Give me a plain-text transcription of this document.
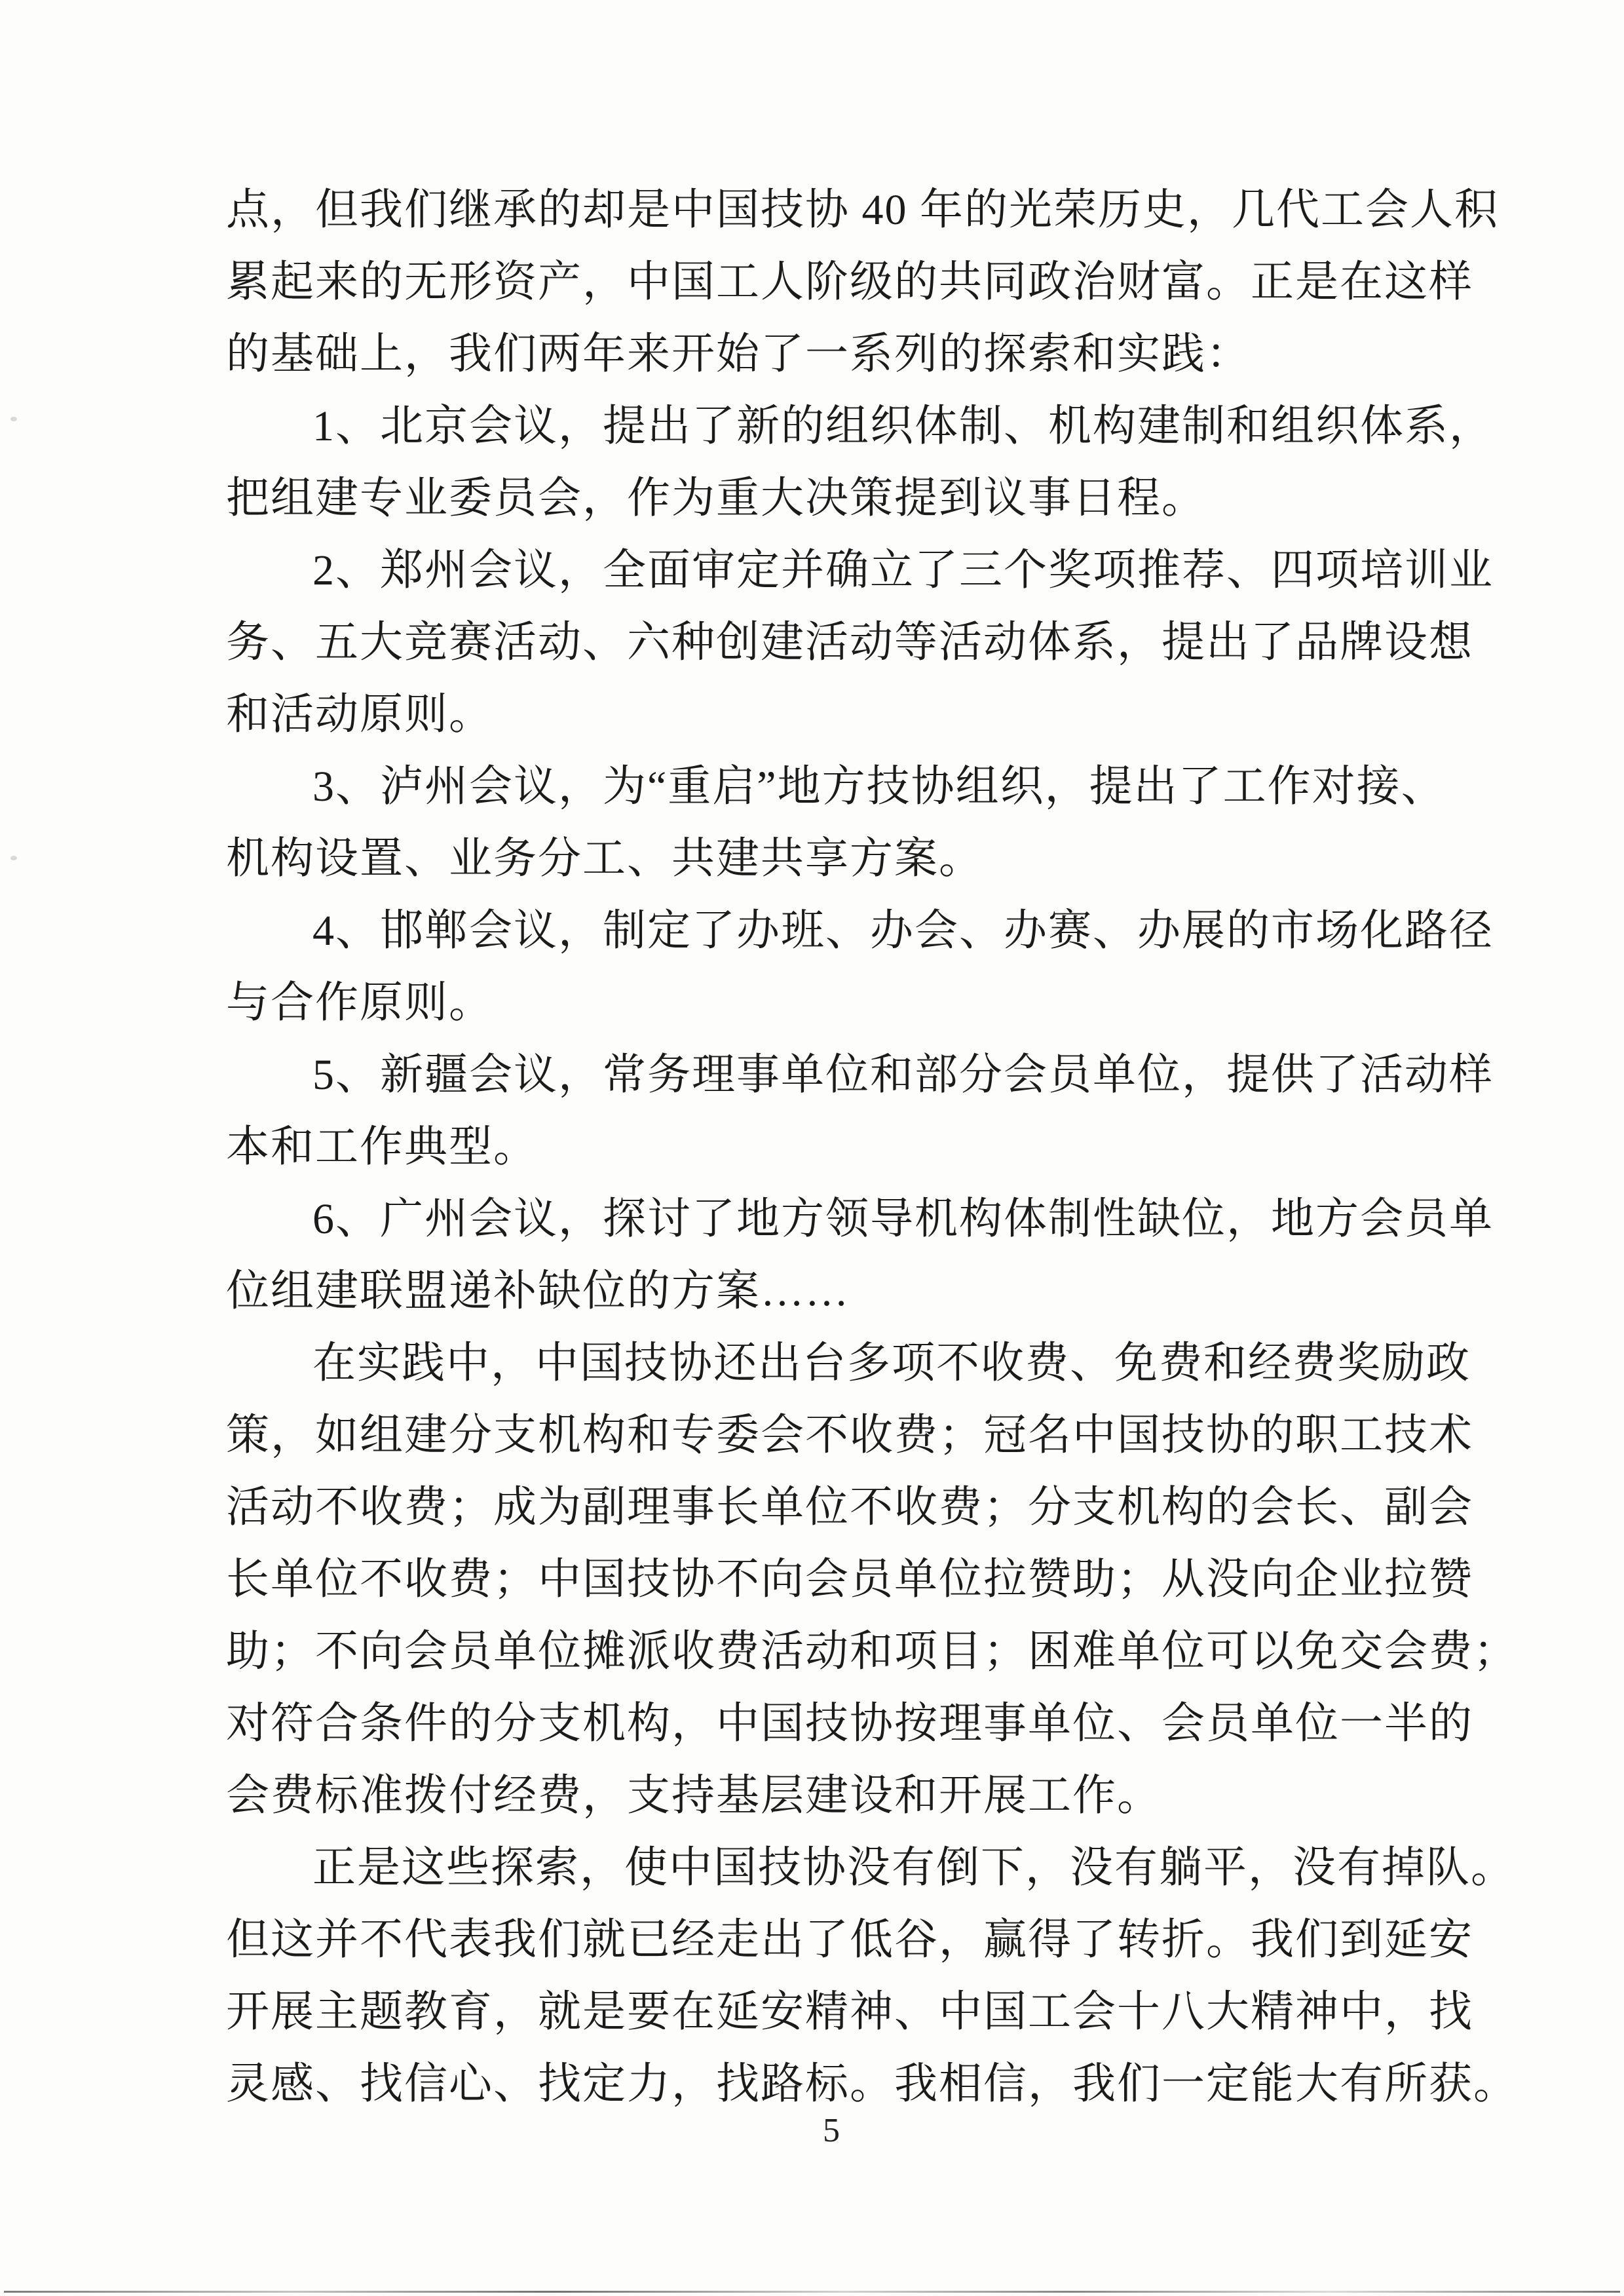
点，但我们继承的却是中国技协 40 年的光荣历史，几代工会人积

累起来的无形资产，中国工人阶级的共同政治财富。正是在这样

的基础上，我们两年来开始了一系列的探索和实践：

1、北京会议，提出了新的组织体制、机构建制和组织体系，

把组建专业委员会，作为重大决策提到议事日程。

2、郑州会议，全面审定并确立了三个奖项推荐、四项培训业

务、五大竞赛活动、六种创建活动等活动体系，提出了品牌设想

和活动原则。

3、泸州会议，为“重启”地方技协组织，提出了工作对接、

机构设置、业务分工、共建共享方案。

4、邯郸会议，制定了办班、办会、办赛、办展的市场化路径

与合作原则。

5、新疆会议，常务理事单位和部分会员单位，提供了活动样

本和工作典型。

6、广州会议，探讨了地方领导机构体制性缺位，地方会员单

位组建联盟递补缺位的方案……

在实践中，中国技协还出台多项不收费、免费和经费奖励政

策，如组建分支机构和专委会不收费；冠名中国技协的职工技术

活动不收费；成为副理事长单位不收费；分支机构的会长、副会

长单位不收费；中国技协不向会员单位拉赞助；从没向企业拉赞

助；不向会员单位摊派收费活动和项目；困难单位可以免交会费；

对符合条件的分支机构，中国技协按理事单位、会员单位一半的

会费标准拨付经费，支持基层建设和开展工作。

正是这些探索，使中国技协没有倒下，没有躺平，没有掉队。

但这并不代表我们就已经走出了低谷，赢得了转折。我们到延安

开展主题教育，就是要在延安精神、中国工会十八大精神中，找

灵感、找信心、找定力，找路标。我相信，我们一定能大有所获。

5
